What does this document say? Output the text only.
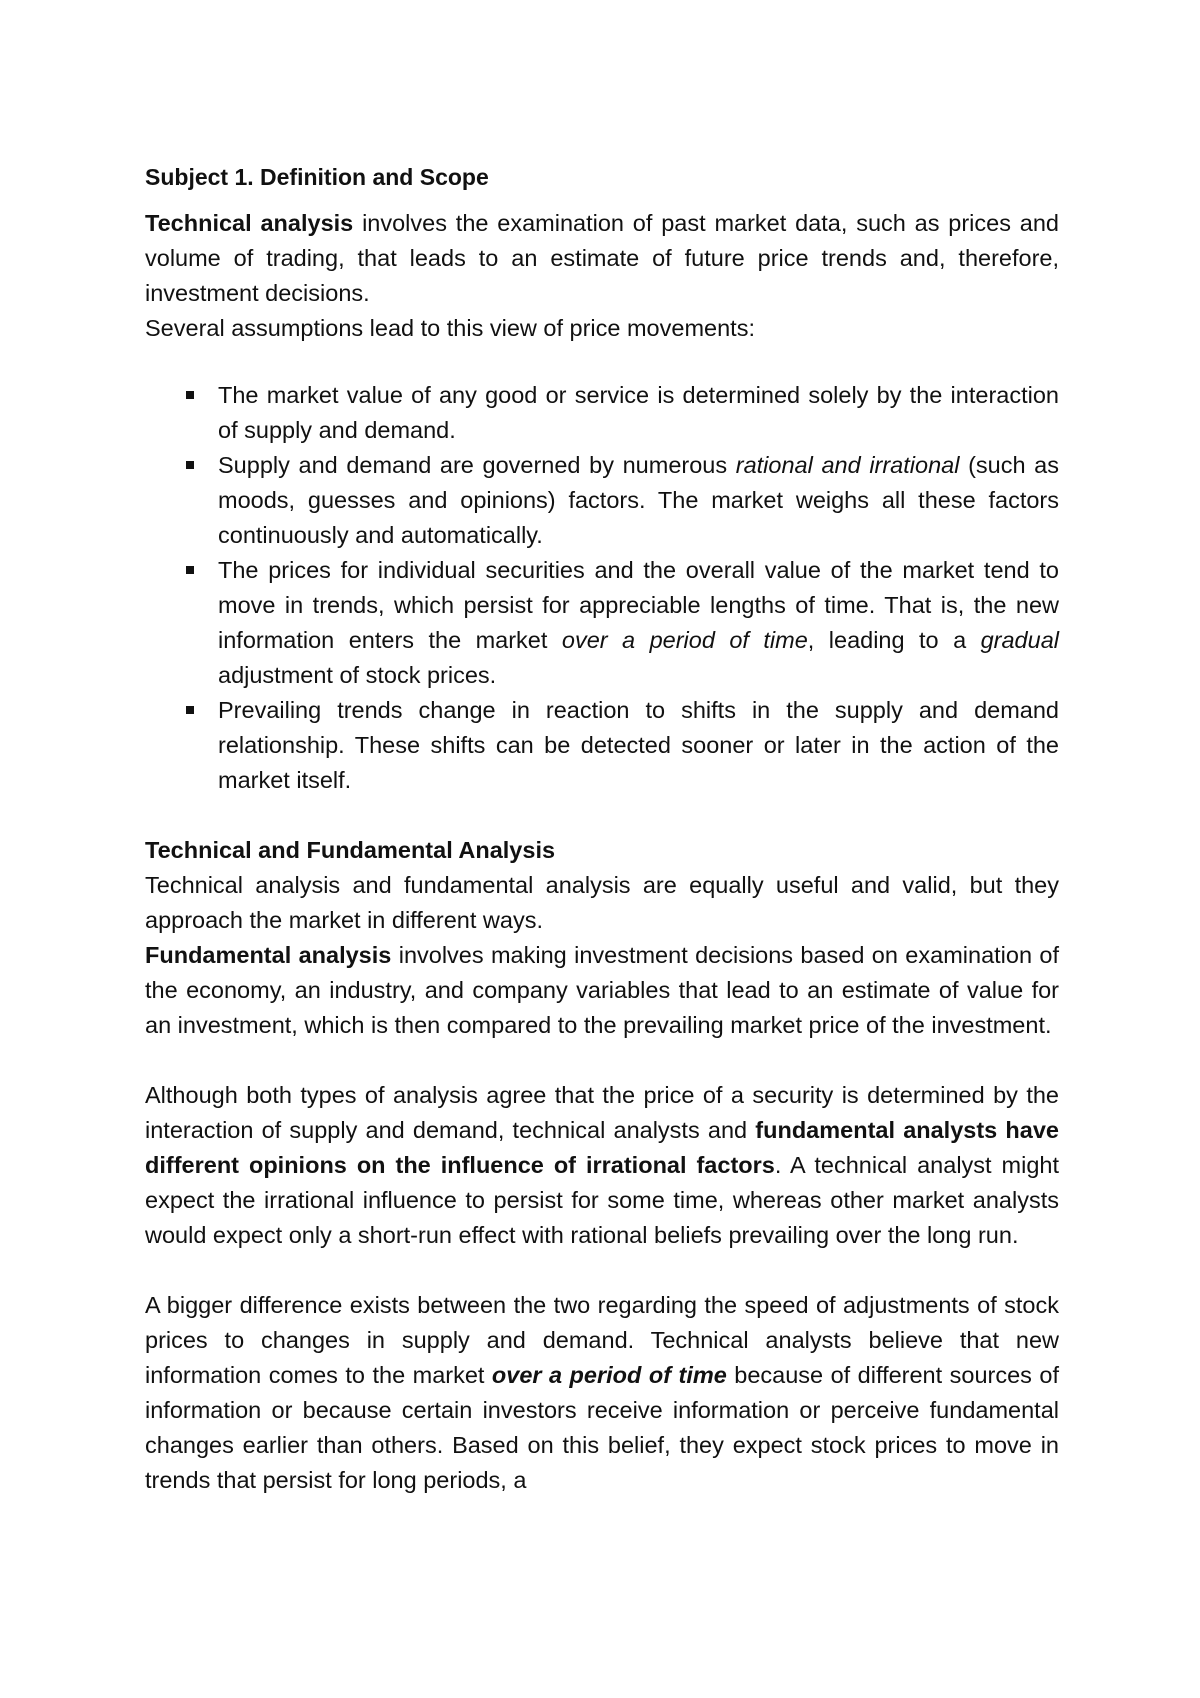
Subject 1. Definition and Scope

Technical analysis involves the examination of past market data, such as prices and volume of trading, that leads to an estimate of future price trends and, therefore, investment decisions.

Several assumptions lead to this view of price movements:

The market value of any good or service is determined solely by the interaction of supply and demand.
Supply and demand are governed by numerous rational and irrational (such as moods, guesses and opinions) factors. The market weighs all these factors continuously and automatically.
The prices for individual securities and the overall value of the market tend to move in trends, which persist for appreciable lengths of time. That is, the new information enters the market over a period of time, leading to a gradual adjustment of stock prices.
Prevailing trends change in reaction to shifts in the supply and demand relationship. These shifts can be detected sooner or later in the action of the market itself.

Technical and Fundamental Analysis

Technical analysis and fundamental analysis are equally useful and valid, but they approach the market in different ways.

Fundamental analysis involves making investment decisions based on examination of the economy, an industry, and company variables that lead to an estimate of value for an investment, which is then compared to the prevailing market price of the investment.

Although both types of analysis agree that the price of a security is determined by the interaction of supply and demand, technical analysts and fundamental analysts have different opinions on the influence of irrational factors. A technical analyst might expect the irrational influence to persist for some time, whereas other market analysts would expect only a short-run effect with rational beliefs prevailing over the long run.

A bigger difference exists between the two regarding the speed of adjustments of stock prices to changes in supply and demand. Technical analysts believe that new information comes to the market over a period of time because of different sources of information or because certain investors receive information or perceive fundamental changes earlier than others. Based on this belief, they expect stock prices to move in trends that persist for long periods, a
